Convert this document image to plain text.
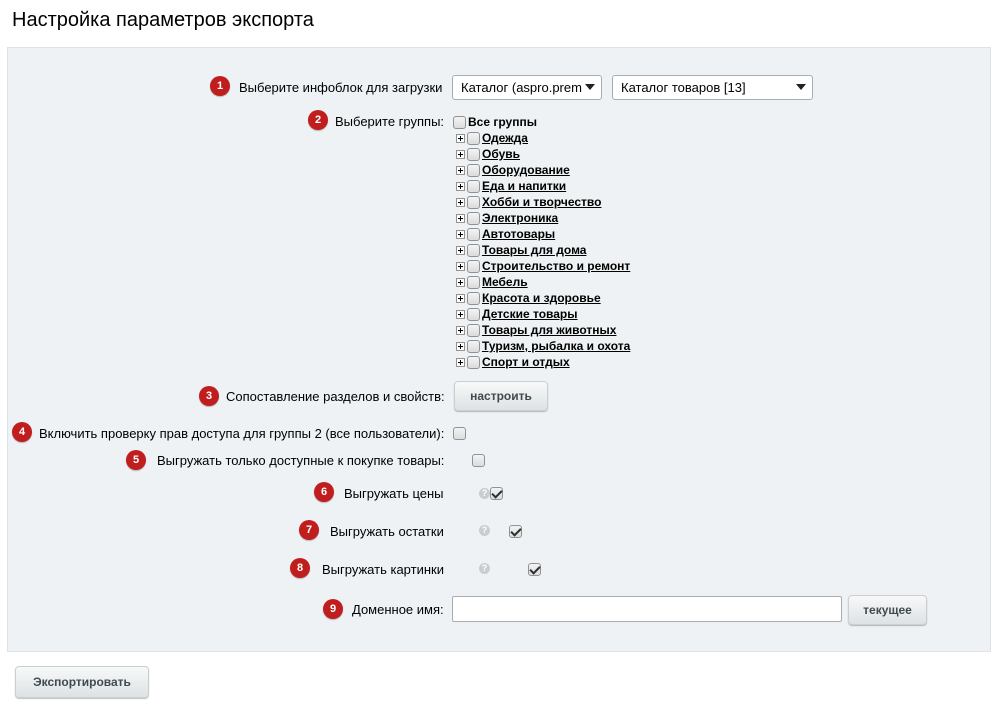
Настройка параметров экспорта
1	Выберите инфоблок для загрузки	Каталог (aspro.prem	Каталог товаров [13]
2	Выберите группы: Все группы
Одежда
Обувь
Оборудование
Еда и напитки
Хобби и творчество
Электроника
Автотовары
Товары для дома
Строительство и ремонт
Мебель
Красота и здоровье
Детские товары
Товары для животных
Туризм, рыбалка и охота
Спорт и отдых
3	Сопоставление разделов и свойств:	настроить
4	Включить проверку прав доступа для группы 2 (все пользователи):

5	Выгружать только доступные к покупке товары:

6	Выгружать цены
	?
7	Выгружать остатки
	?
8	Выгружать картинки	?
9	Доменное имя:	текущее
Экспортировать
